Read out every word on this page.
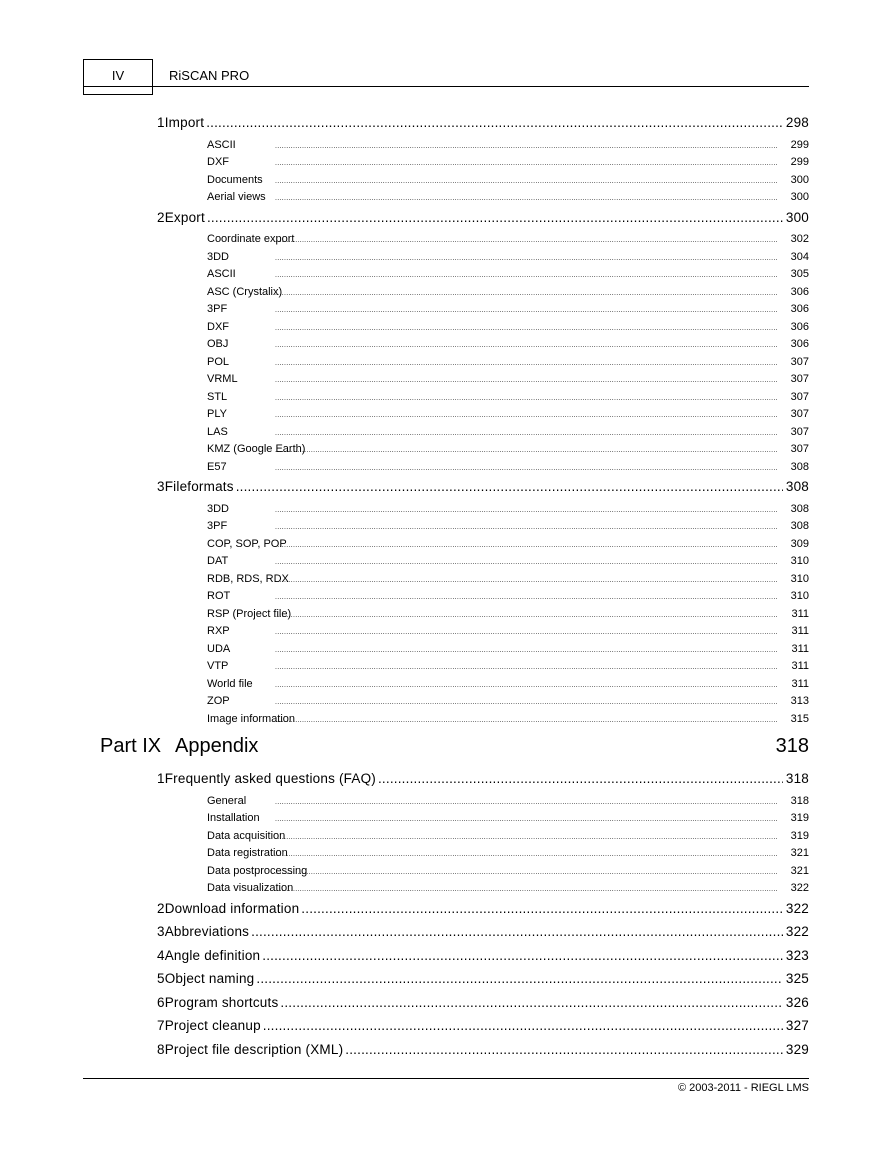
IV	RiSCAN PRO
1 Import .....	298
ASCII .....	299
DXF .....	299
Documents .....	300
Aerial views .....	300
2 Export .....	300
Coordinate export .....	302
3DD .....	304
ASCII .....	305
ASC (Crystalix) .....	306
3PF .....	306
DXF .....	306
OBJ .....	306
POL .....	307
VRML .....	307
STL .....	307
PLY .....	307
LAS .....	307
KMZ (Google Earth) .....	307
E57 .....	308
3 Fileformats .....	308
3DD .....	308
3PF .....	308
COP, SOP, POP .....	309
DAT .....	310
RDB, RDS, RDX .....	310
ROT .....	310
RSP (Project file) .....	311
RXP .....	311
UDA .....	311
VTP .....	311
World file .....	311
ZOP .....	313
Image information .....	315
1 Frequently asked questions (FAQ) .....	318
General .....	318
Installation .....	319
Data acquisition .....	319
Data registration .....	321
Data postprocessing .....	321
Data visualization .....	322
2 Download information .....	322
3 Abbreviations .....	322
4 Angle definition .....	323
5 Object naming .....	325
6 Program shortcuts .....	326
7 Project cleanup .....	327
8 Project file description (XML) .....	329
Part IX Appendix	318
© 2003-2011 - RIEGL LMS
